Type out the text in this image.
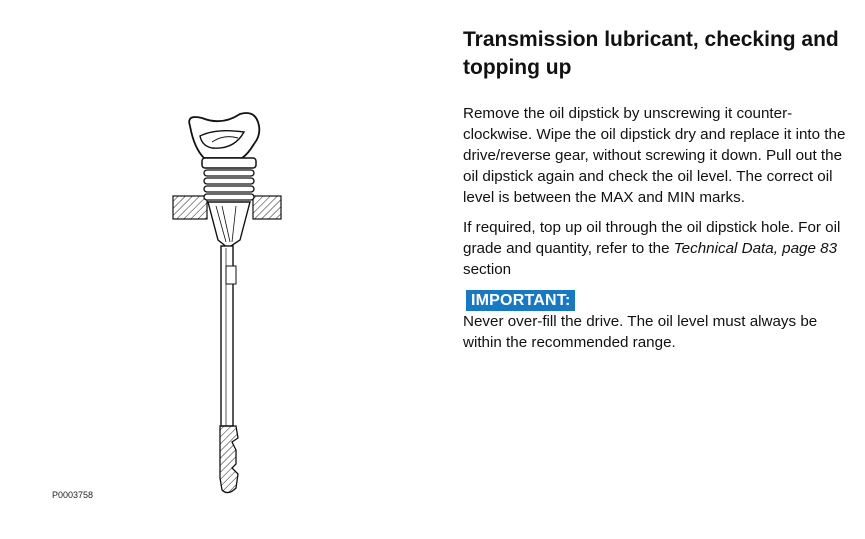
P0003758
Transmission lubricant, checking and topping up

Remove the oil dipstick by unscrewing it counter-clockwise. Wipe the oil dipstick dry and replace it into the drive/reverse gear, without screwing it down. Pull out the oil dipstick again and check the oil level. The correct oil level is between the MAX and MIN marks.

If required, top up oil through the oil dipstick hole. For oil grade and quantity, refer to the Technical Data, page 83 section

IMPORTANT:

Never over-fill the drive. The oil level must always be within the recommended range.
